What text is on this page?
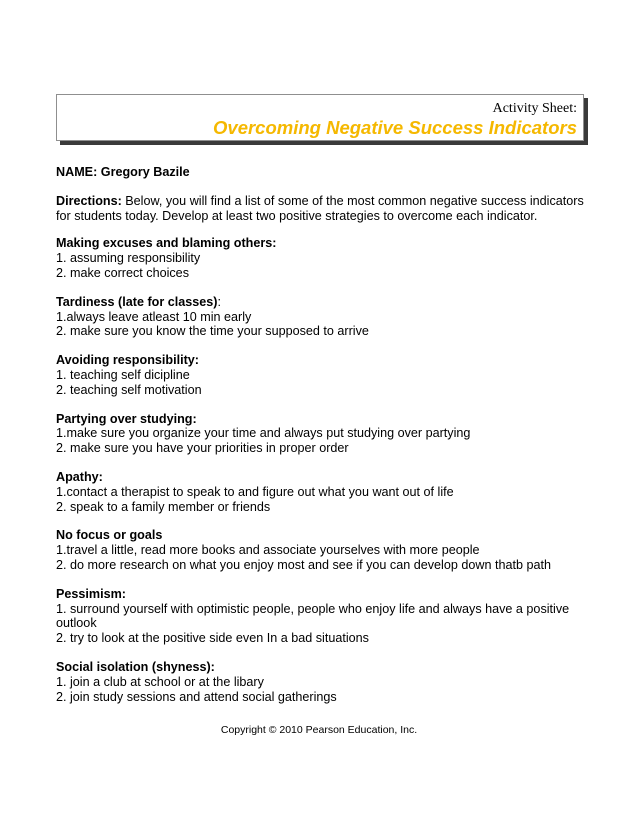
Activity Sheet:
Overcoming Negative Success Indicators
NAME: Gregory Bazile
Directions: Below, you will find a list of some of the most common negative success indicators for students today. Develop at least two positive strategies to overcome each indicator.
Making excuses and blaming others:
1. assuming responsibility
2. make correct choices
Tardiness (late for classes):
1.always leave atleast 10 min early
2. make sure you know the time your supposed to arrive
Avoiding responsibility:
1. teaching self dicipline
2. teaching self motivation
Partying over studying:
1.make sure you organize your time and always put studying over partying
2. make sure you have your priorities in proper order
Apathy:
1.contact a therapist to speak to and figure out what you want out of life
2. speak to a family member or friends
No focus or goals
1.travel a little, read more books and associate yourselves with more people
2. do more research on what you enjoy most and see if you can develop down thatb path
Pessimism:
1. surround yourself with optimistic people, people who enjoy life and always have a positive outlook
2. try to look at the positive side even In a bad situations
Social isolation (shyness):
1. join a club at school or at the libary
2. join study sessions and attend social gatherings
Copyright © 2010 Pearson Education, Inc.
